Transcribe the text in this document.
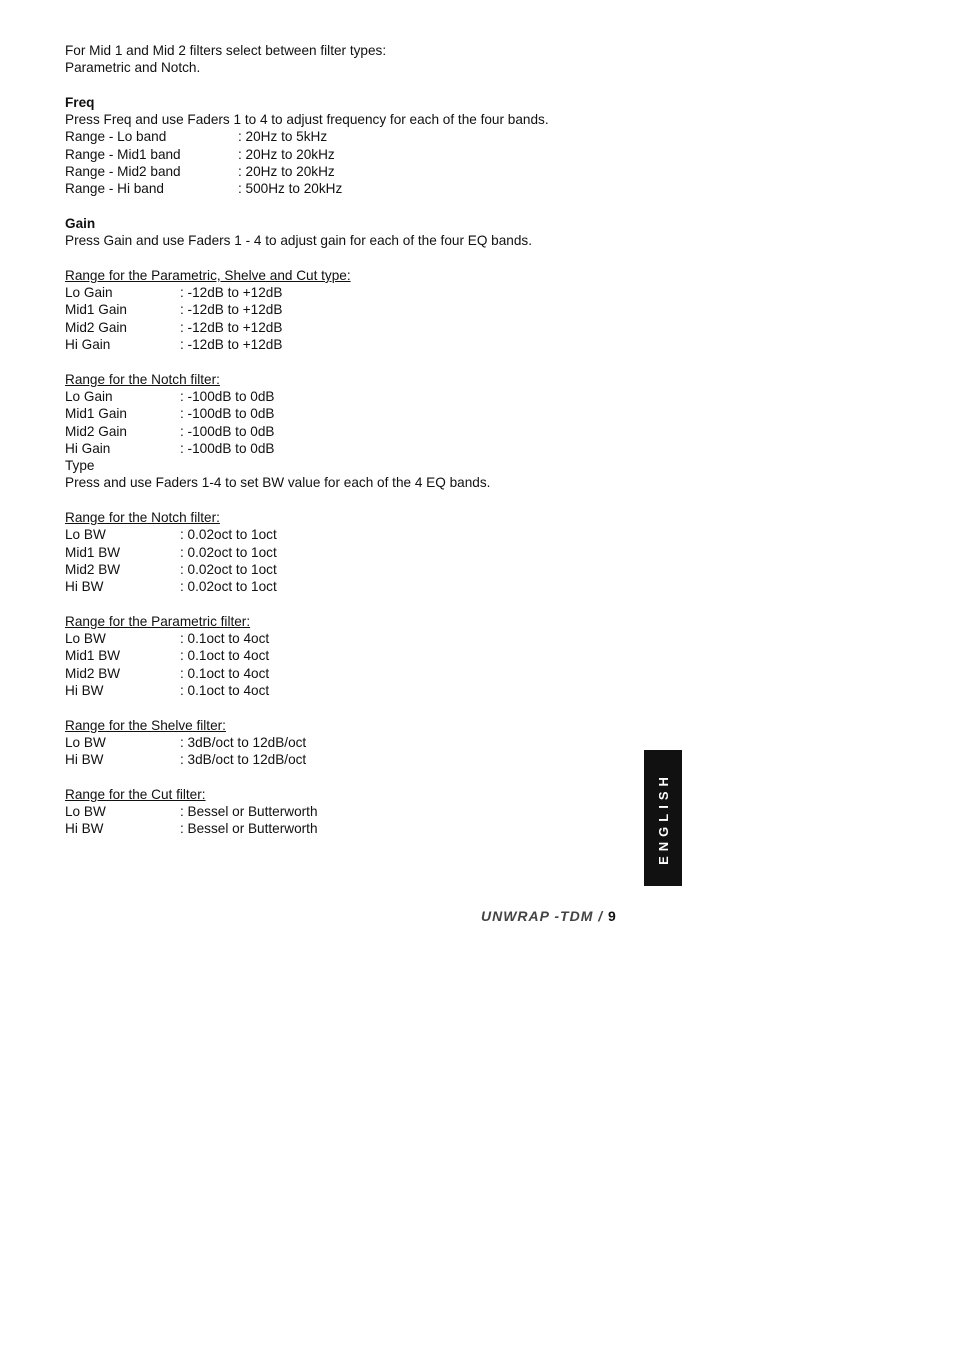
For Mid 1 and Mid 2 filters select between filter types:
Parametric and Notch.
Freq
Press Freq and use Faders 1 to 4 to adjust frequency for each of the four bands.
Range - Lo band	: 20Hz to 5kHz
Range - Mid1 band	: 20Hz to 20kHz
Range - Mid2 band	: 20Hz to 20kHz
Range - Hi band	: 500Hz to 20kHz
Gain
Press Gain and use Faders 1 - 4 to adjust gain for each of the four EQ bands.
Range for the Parametric, Shelve and Cut type:
Lo Gain	: -12dB to +12dB
Mid1 Gain	: -12dB to +12dB
Mid2 Gain	: -12dB to +12dB
Hi Gain	: -12dB to +12dB
Range for the Notch filter:
Lo Gain	: -100dB to 0dB
Mid1 Gain	: -100dB to 0dB
Mid2 Gain	: -100dB to 0dB
Hi Gain	: -100dB to 0dB
Type
Press and use Faders 1-4 to set BW value for each of the 4 EQ bands.
Range for the Notch filter:
Lo BW	: 0.02oct to 1oct
Mid1 BW	: 0.02oct to 1oct
Mid2 BW	: 0.02oct to 1oct
Hi BW	: 0.02oct to 1oct
Range for the Parametric filter:
Lo BW	: 0.1oct to 4oct
Mid1 BW	: 0.1oct to 4oct
Mid2 BW	: 0.1oct to 4oct
Hi BW	: 0.1oct to 4oct
Range for the Shelve filter:
Lo BW	: 3dB/oct to 12dB/oct
Hi BW	: 3dB/oct to 12dB/oct
Range for the Cut filter:
Lo BW	: Bessel or Butterworth
Hi BW	: Bessel or Butterworth	ENGLISH
UNWRAP -TDM / 9
